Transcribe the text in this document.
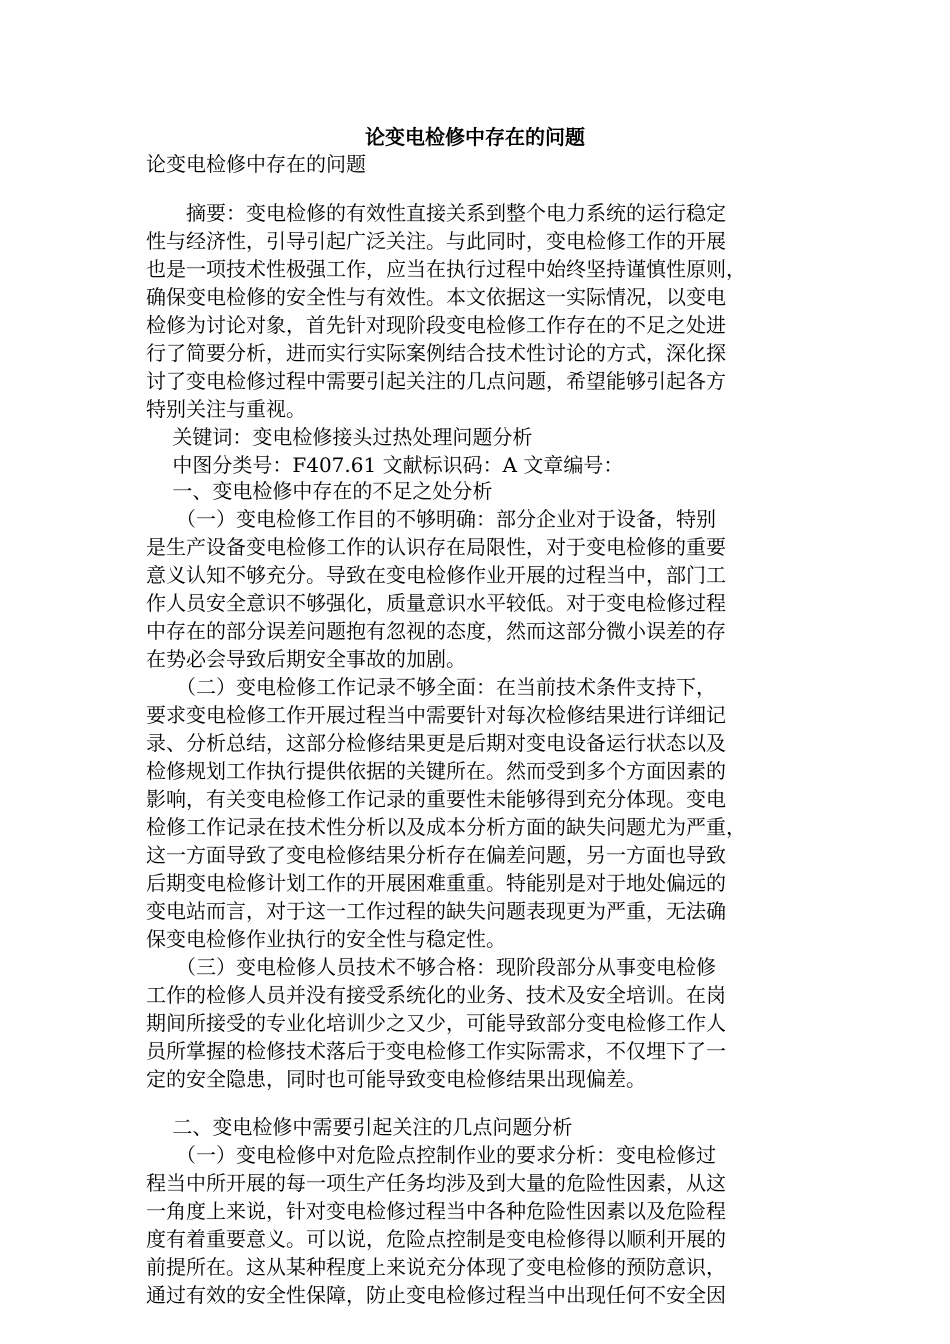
论变电检修中存在的问题
论变电检修中存在的问题
　　摘要：变电检修的有效性直接关系到整个电力系统的运行稳定
性与经济性，引导引起广泛关注。与此同时，变电检修工作的开展
也是一项技术性极强工作，应当在执行过程中始终坚持谨慎性原则，
确保变电检修的安全性与有效性。本文依据这一实际情况，以变电
检修为讨论对象，首先针对现阶段变电检修工作存在的不足之处进
行了简要分析，进而实行实际案例结合技术性讨论的方式，深化探
讨了变电检修过程中需要引起关注的几点问题，希望能够引起各方
特别关注与重视。
　 关键词：变电检修接头过热处理问题分析
　 中图分类号：F407.61 文献标识码：A 文章编号：
　 一、变电检修中存在的不足之处分析
　　（一）变电检修工作目的不够明确：部分企业对于设备，特别
是生产设备变电检修工作的认识存在局限性，对于变电检修的重要
意义认知不够充分。导致在变电检修作业开展的过程当中，部门工
作人员安全意识不够强化，质量意识水平较低。对于变电检修过程
中存在的部分误差问题抱有忽视的态度，然而这部分微小误差的存
在势必会导致后期安全事故的加剧。
　　（二）变电检修工作记录不够全面：在当前技术条件支持下，
要求变电检修工作开展过程当中需要针对每次检修结果进行详细记
录、分析总结，这部分检修结果更是后期对变电设备运行状态以及
检修规划工作执行提供依据的关键所在。然而受到多个方面因素的
影响，有关变电检修工作记录的重要性未能够得到充分体现。变电
检修工作记录在技术性分析以及成本分析方面的缺失问题尤为严重，
这一方面导致了变电检修结果分析存在偏差问题，另一方面也导致
后期变电检修计划工作的开展困难重重。特能别是对于地处偏远的
变电站而言，对于这一工作过程的缺失问题表现更为严重，无法确
保变电检修作业执行的安全性与稳定性。
　　（三）变电检修人员技术不够合格：现阶段部分从事变电检修
工作的检修人员并没有接受系统化的业务、技术及安全培训。在岗
期间所接受的专业化培训少之又少，可能导致部分变电检修工作人
员所掌握的检修技术落后于变电检修工作实际需求，不仅埋下了一
定的安全隐患，同时也可能导致变电检修结果出现偏差。
　 二、变电检修中需要引起关注的几点问题分析
　　（一）变电检修中对危险点控制作业的要求分析：变电检修过
程当中所开展的每一项生产任务均涉及到大量的危险性因素，从这
一角度上来说，针对变电检修过程当中各种危险性因素以及危险程
度有着重要意义。可以说，危险点控制是变电检修得以顺利开展的
前提所在。这从某种程度上来说充分体现了变电检修的预防意识，
通过有效的安全性保障，防止变电检修过程当中出现任何不安全因
